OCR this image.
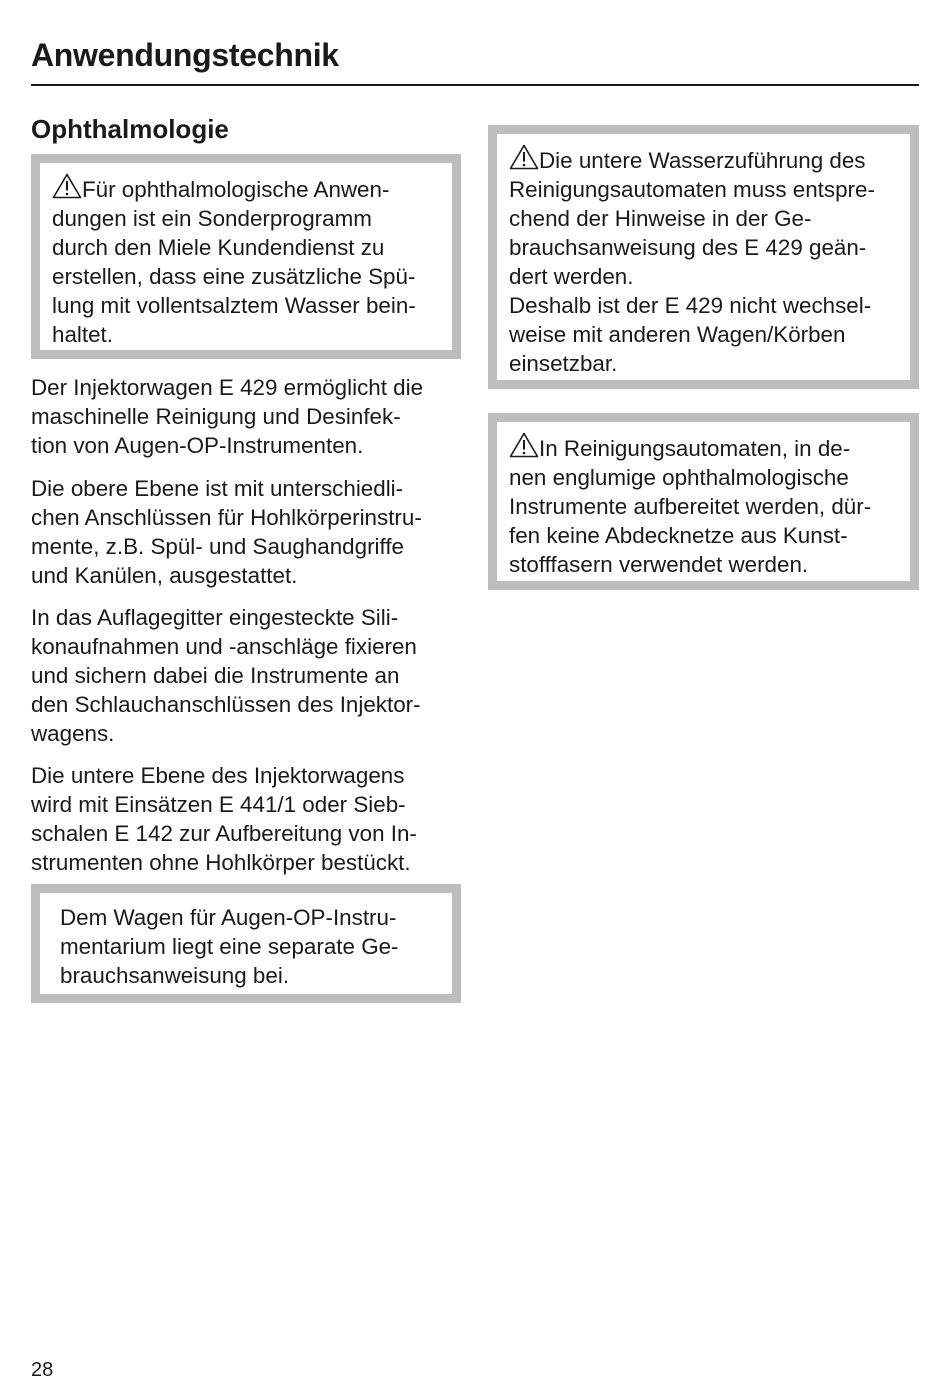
Anwendungstechnik
Ophthalmologie

Für ophthalmologische Anwen-
dungen ist ein Sonderprogramm
durch den Miele Kundendienst zu
erstellen, dass eine zusätzliche Spü-
lung mit vollentsalztem Wasser bein-
haltet.

Der Injektorwagen E 429 ermöglicht die
maschinelle Reinigung und Desinfek-
tion von Augen-OP-Instrumenten.

Die obere Ebene ist mit unterschiedli-
chen Anschlüssen für Hohlkörperinstru-
mente, z.B. Spül- und Saughandgriffe
und Kanülen, ausgestattet.

In das Auflagegitter eingesteckte Sili-
konaufnahmen und -anschläge fixieren
und sichern dabei die Instrumente an
den Schlauchanschlüssen des Injektor-
wagens.

Die untere Ebene des Injektorwagens
wird mit Einsätzen E 441/1 oder Sieb-
schalen E 142 zur Aufbereitung von In-
strumenten ohne Hohlkörper bestückt.

Dem Wagen für Augen-OP-Instru-
mentarium liegt eine separate Ge-
brauchsanweisung bei.

Die untere Wasserzuführung des
Reinigungsautomaten muss entspre-
chend der Hinweise in der Ge-
brauchsanweisung des E 429 geän-
dert werden.
Deshalb ist der E 429 nicht wechsel-
weise mit anderen Wagen/Körben
einsetzbar.

In Reinigungsautomaten, in de-
nen englumige ophthalmologische
Instrumente aufbereitet werden, dür-
fen keine Abdecknetze aus Kunst-
stofffasern verwendet werden.

28
